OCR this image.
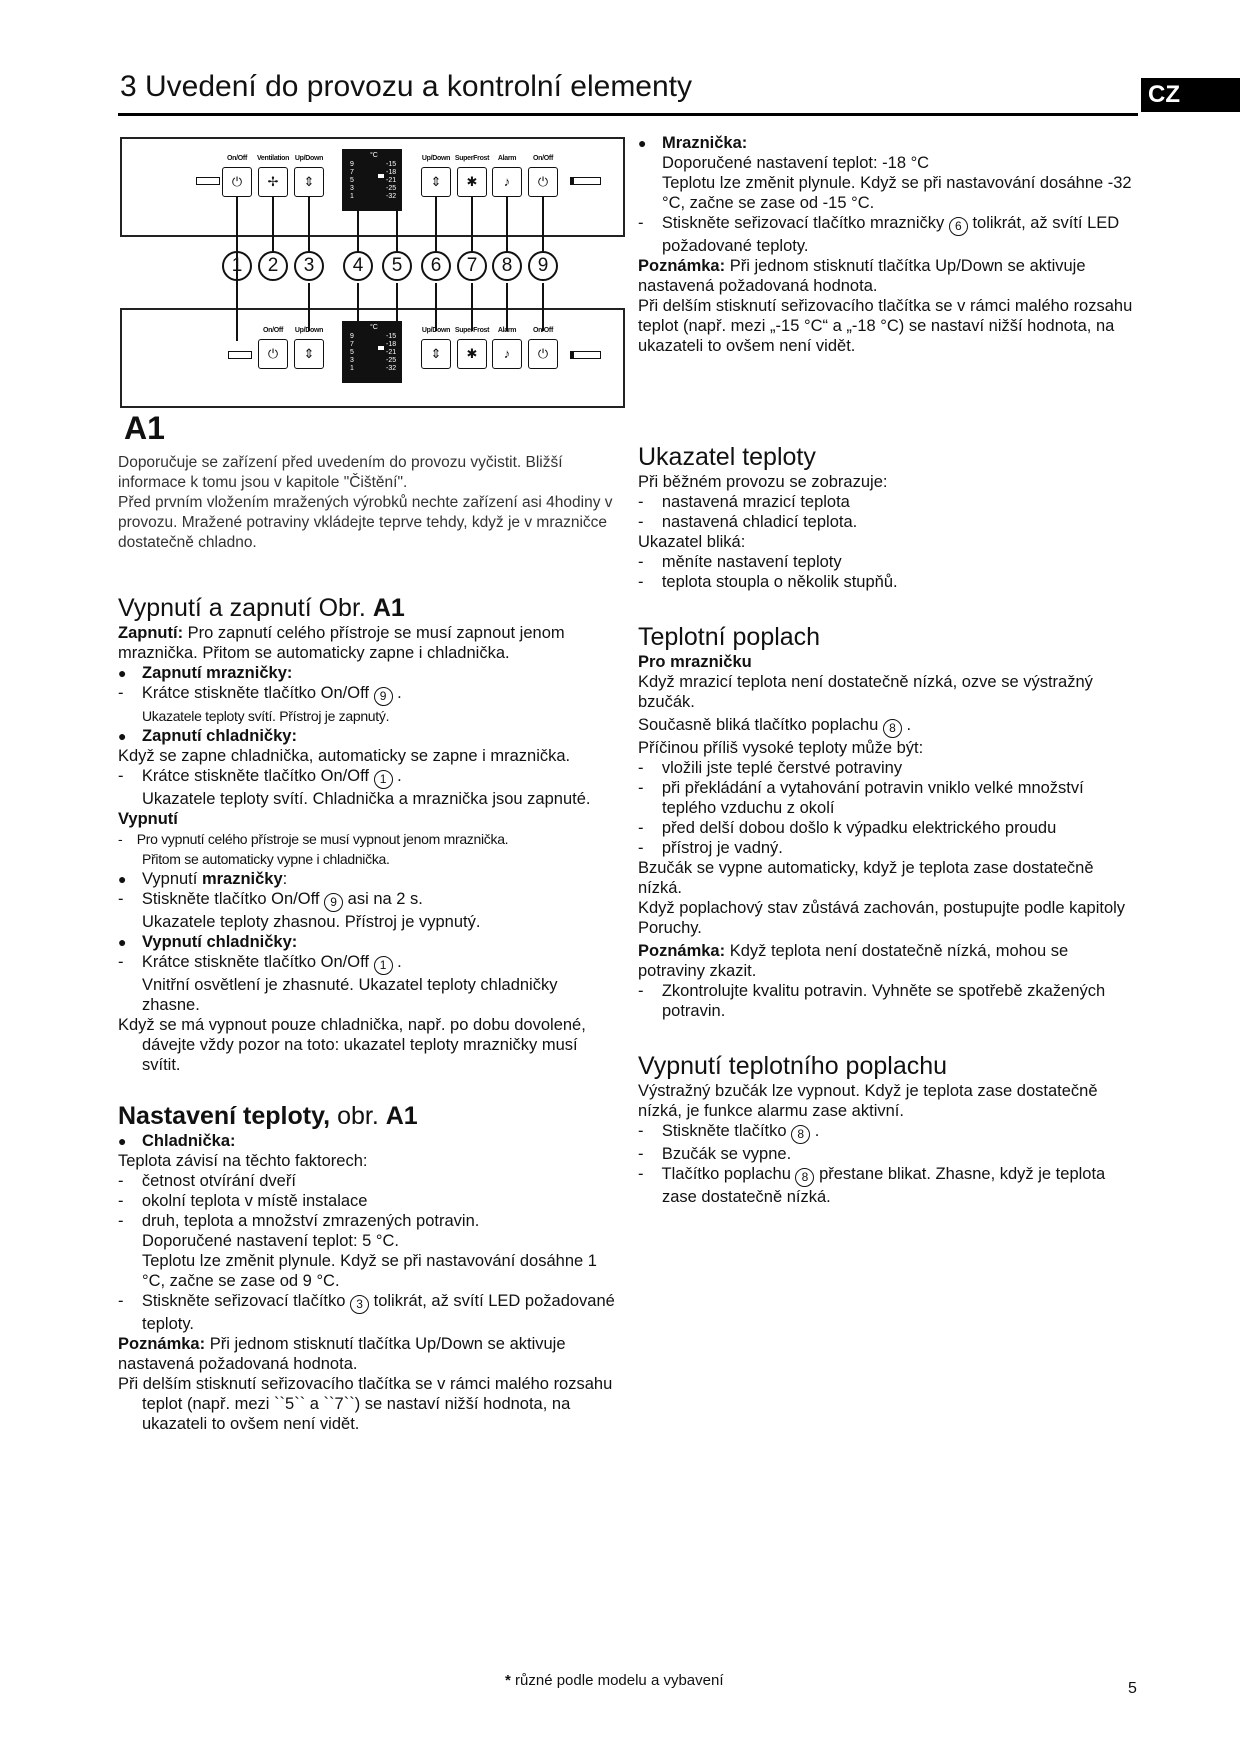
3 Uvedení do provozu a kontrolní elementy	CZ
On/Off	Ventilation Up/Down	Up/Down SuperFrost	Alarm	On/Off
⏻	✢	⇕
°C
9
7
5
3
1
-15
-18
-21
-25
-32
⇕	✱	♪	⏻
1	2	3	4	5	6	7	8	9
On/Off	Up/Down	Up/Down SuperFrost	Alarm	On/Off
⏻	⇕
°C
9
7
5
3
1
-15
-18
-21
-25
-32
⇕	✱	♪	⏻
A1

Doporučuje se zařízení před uvedením do provozu vyčistit. Bližší informace k tomu jsou v kapitole "Čištění".

Před prvním vložením mražených výrobků nechte zařízení asi 4hodiny v provozu. Mražené potraviny vkládejte teprve tehdy, když je v mrazničce dostatečně chladno.

Vypnutí a zapnutí Obr. A1

Zapnutí: Pro zapnutí celého přístroje se musí zapnout jenom mraznička. Přitom se automaticky zapne i chladnička.

● Zapnutí mrazničky:

-    Krátce stiskněte tlačítko On/Off 9 .

Ukazatele teploty svítí. Přístroj je zapnutý.

● Zapnutí chladničky:

Když se zapne chladnička, automaticky se zapne i mraznička.

-    Krátce stiskněte tlačítko On/Off 1 .

Ukazatele teploty svítí. Chladnička a mraznička jsou zapnuté.

Vypnutí

-    Pro vypnutí celého přístroje se musí vypnout jenom mraznička.

Přitom se automaticky vypne i chladnička.

● Vypnutí mrazničky:

-    Stiskněte tlačítko On/Off 9 asi na 2 s.

Ukazatele teploty zhasnou. Přístroj je vypnutý.

● Vypnutí chladničky:

-    Krátce stiskněte tlačítko On/Off 1 .

Vnitřní osvětlení je zhasnuté. Ukazatel teploty chladničky zhasne.

Když se má vypnout pouze chladnička, např. po dobu dovolené, dávejte vždy pozor na toto: ukazatel teploty mrazničky musí svítit.

Nastavení teploty, obr. A1

● Chladnička:

Teplota závisí na těchto faktorech:

-    četnost otvírání dveří

-    okolní teplota v místě instalace

-    druh, teplota a množství zmrazených potravin.

Doporučené nastavení teplot: 5 °C.

Teplotu lze změnit plynule. Když se při nastavování dosáhne 1 °C, začne se zase od 9 °C.

-    Stiskněte seřizovací tlačítko 3 tolikrát, až svítí LED požadované teploty.

Poznámka: Při jednom stisknutí tlačítka Up/Down se aktivuje nastavená požadovaná hodnota.

Při delším stisknutí seřizovacího tlačítka se v rámci malého rozsahu teplot (např. mezi ``5`` a ``7``) se nastaví nižší hodnota, na ukazateli to ovšem není vidět.

● Mraznička:

Doporučené nastavení teplot: -18 °C

Teplotu lze změnit plynule. Když se při nastavování dosáhne -32 °C, začne se zase od -15 °C.

-    Stiskněte seřizovací tlačítko mrazničky 6 tolikrát, až svítí LED požadované teploty.

Poznámka: Při jednom stisknutí tlačítka Up/Down se aktivuje nastavená požadovaná hodnota.

Při delším stisknutí seřizovacího tlačítka se v rámci malého rozsahu teplot (např. mezi „-15 °C“ a „-18 °C) se nastaví nižší hodnota, na ukazateli to ovšem není vidět.

Ukazatel teploty

Při běžném provozu se zobrazuje:

-    nastavená mrazicí teplota

-    nastavená chladicí teplota.

Ukazatel bliká:

-    měníte nastavení teploty

-    teplota stoupla o několik stupňů.

Teplotní poplach

Pro mrazničku

Když mrazicí teplota není dostatečně nízká, ozve se výstražný bzučák.

Současně bliká tlačítko poplachu 8 .

Příčinou příliš vysoké teploty může být:

-    vložili jste teplé čerstvé potraviny

-    při překládání a vytahování potravin vniklo velké množství teplého vzduchu z okolí

-    před delší dobou došlo k výpadku elektrického proudu

-    přístroj je vadný.

Bzučák se vypne automaticky, když je teplota zase dostatečně nízká.

Když poplachový stav zůstává zachován, postupujte podle kapitoly Poruchy.

Poznámka: Když teplota není dostatečně nízká, mohou se potraviny zkazit.

-    Zkontrolujte kvalitu potravin. Vyhněte se spotřebě zkažených potravin.

Vypnutí teplotního poplachu

Výstražný bzučák lze vypnout. Když je teplota zase dostatečně nízká, je funkce alarmu zase aktivní.

-    Stiskněte tlačítko 8 .

-    Bzučák se vypne.

-    Tlačítko poplachu 8 přestane blikat. Zhasne, když je teplota zase dostatečně nízká.

* různé podle modelu a vybavení	5
